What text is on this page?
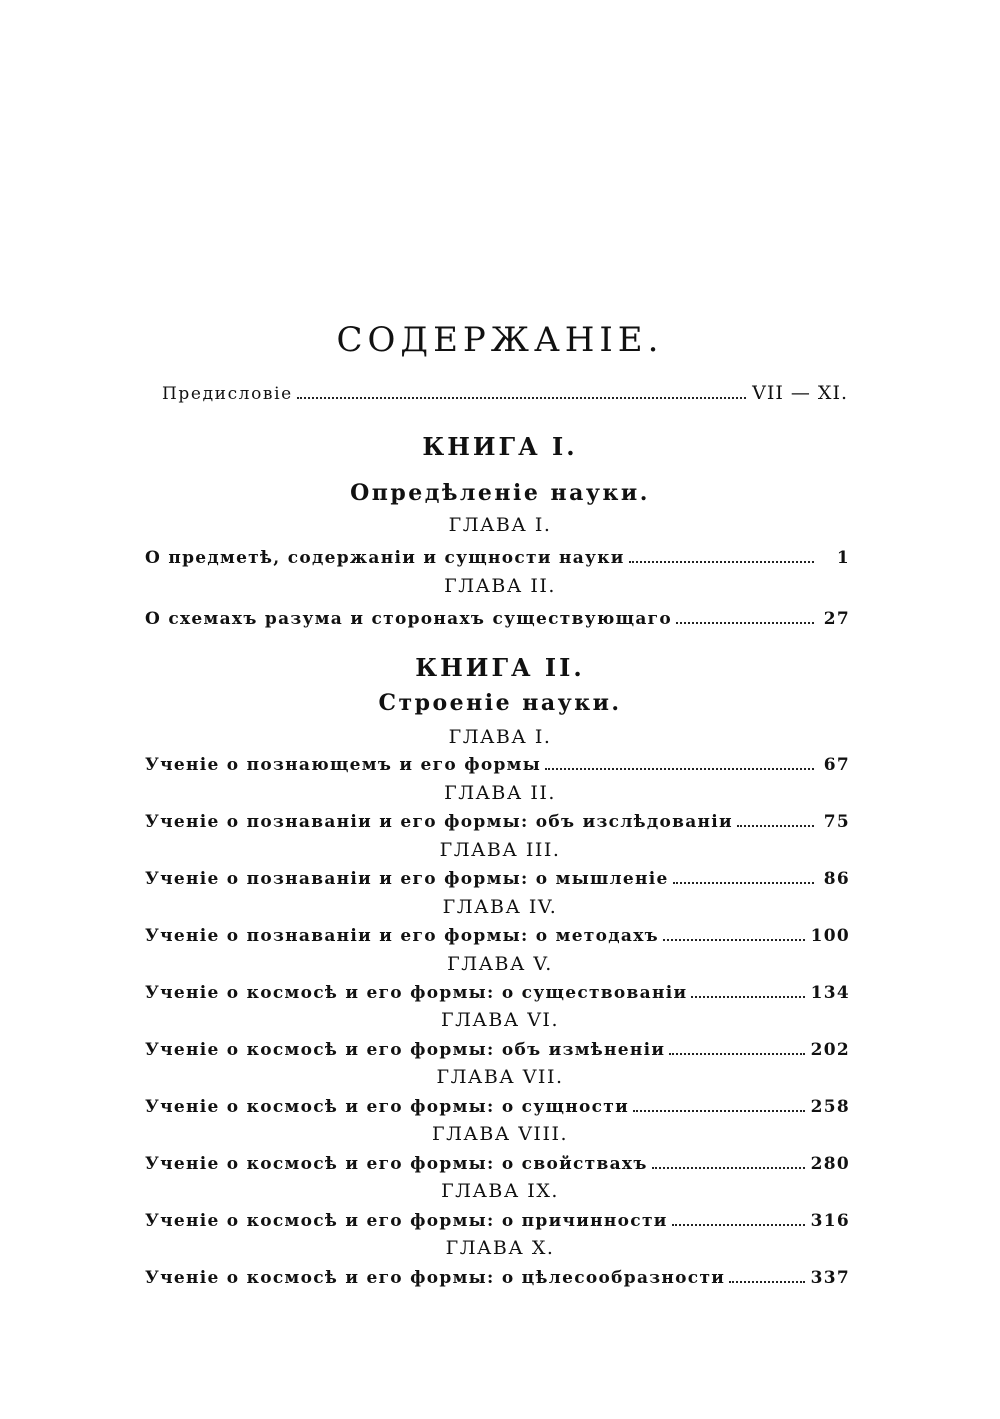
СОДЕРЖАНІЕ.
Предисловіе	VII — XI.
КНИГА I.
Опредѣленіе науки.
ГЛАВА I.
О предметѣ, содержаніи и сущности науки	1
ГЛАВА II.
О схемахъ разума и сторонахъ существующаго	27
КНИГА II.
Строеніе науки.
ГЛАВА I.
Ученіе о познающемъ и его формы	67
ГЛАВА II.
Ученіе о познаваніи и его формы: объ изслѣдованіи	75
ГЛАВА III.
Ученіе о познаваніи и его формы: о мышленіе	86
ГЛАВА IV.
Ученіе о познаваніи и его формы: о методахъ	100
ГЛАВА V.
Ученіе о космосѣ и его формы: о существованіи	134
ГЛАВА VI.
Ученіе о космосѣ и его формы: объ измѣненіи	202
ГЛАВА VII.
Ученіе о космосѣ и его формы: о сущности	258
ГЛАВА VIII.
Ученіе о космосѣ и его формы: о свойствахъ	280
ГЛАВА IX.
Ученіе о космосѣ и его формы: о причинности	316
ГЛАВА X.
Ученіе о космосѣ и его формы: о цѣлесообразности	337
